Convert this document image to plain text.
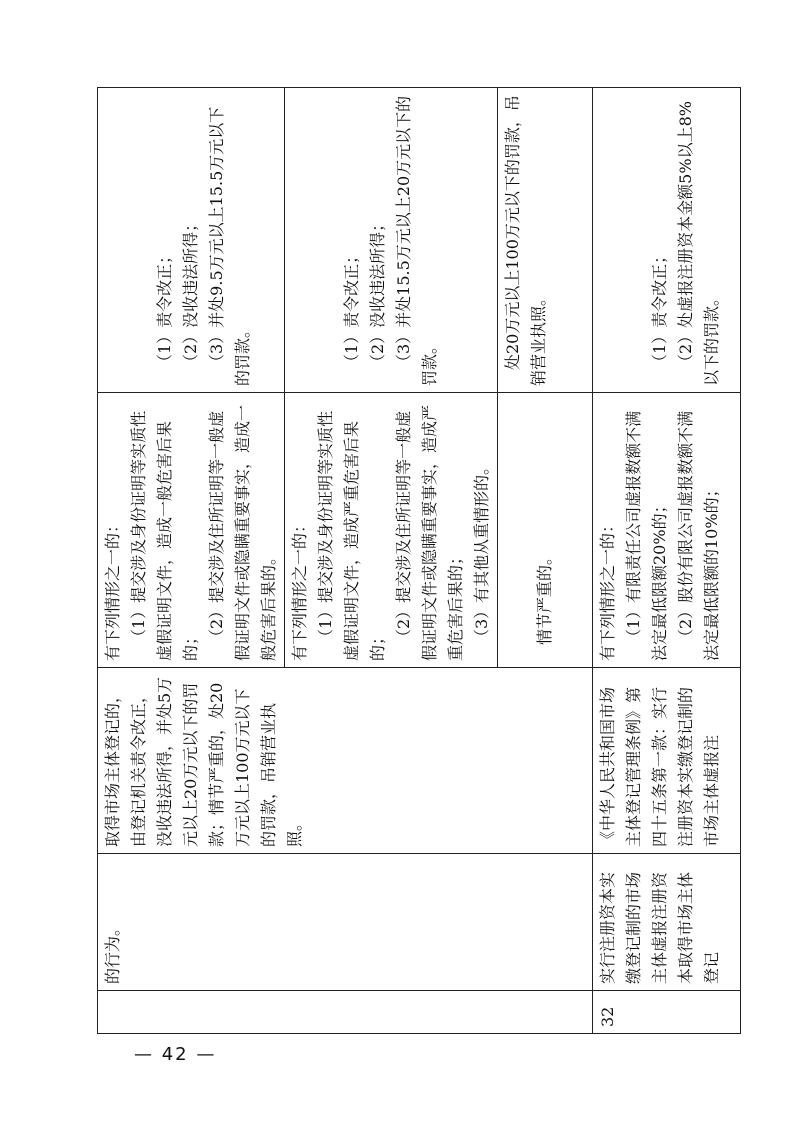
	的行为。	取得市场主体登记的，由登记机关责令改正，没收违法所得，并处5万元以上20万元以下的罚款；情节严重的，处20万元以上100万元以下的罚款，吊销营业执照。	有下列情形之一的： （1）提交涉及身份证明等实质性虚假证明文件，造成一般危害后果的； （2）提交涉及住所证明等一般虚假证明文件或隐瞒重要事实，造成一般危害后果的。	（1）责令改正； （2）没收违法所得； （3）并处9.5万元以上15.5万元以下的罚款。

			有下列情形之一的： （1）提交涉及身份证明等实质性虚假证明文件，造成严重危害后果的； （2）提交涉及住所证明等一般虚假证明文件或隐瞒重要事实，造成严重危害后果的； （3）有其他从重情形的。	（1）责令改正； （2）没收违法所得； （3）并处15.5万元以上20万元以下的罚款。

			情节严重的。	处20万元以上100万元以下的罚款，吊销营业执照。

32	实行注册资本实缴登记制的市场主体虚报注册资本取得市场主体登记	《中华人民共和国市场主体登记管理条例》第四十五条第一款：实行注册资本实缴登记制的市场主体虚报注	有下列情形之一的： （1）有限责任公司虚报数额不满法定最低限额20%的； （2）股份有限公司虚报数额不满法定最低限额的10%的；	（1）责令改正； （2）处虚报注册资本金额5%以上8%以下的罚款。
— 42 —
